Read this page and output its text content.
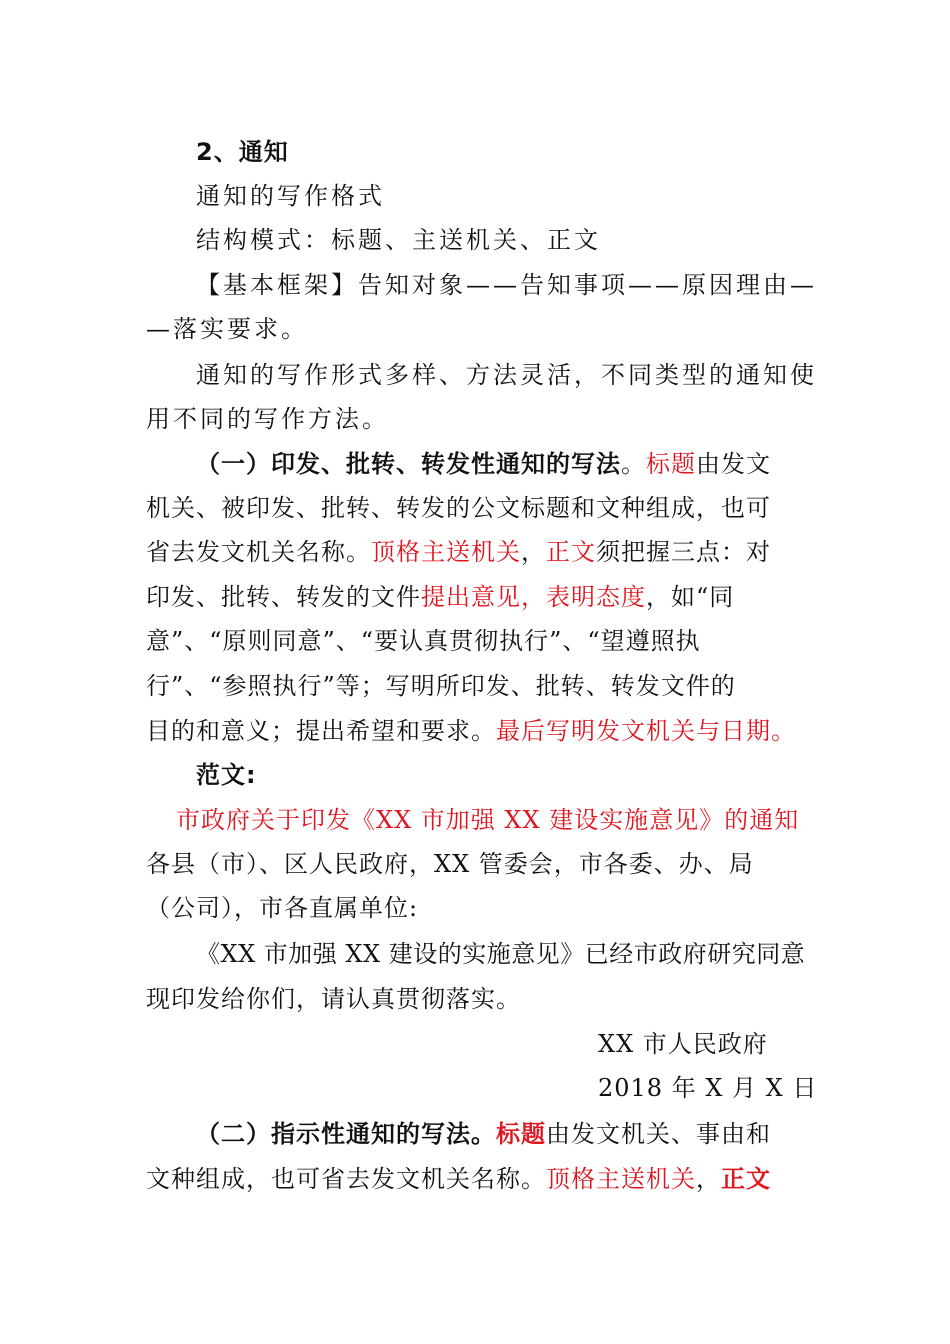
2、通知
通知的写作格式
结构模式：标题、主送机关、正文
【基本框架】告知对象——告知事项——原因理由—
—落实要求。
通知的写作形式多样、方法灵活，不同类型的通知使
用不同的写作方法。
（一）印发、批转、转发性通知的写法。标题由发文
机关、被印发、批转、转发的公文标题和文种组成，也可
省去发文机关名称。顶格主送机关，正文须把握三点：对
印发、批转、转发的文件提出意见，表明态度，如“同
意”、“原则同意”、“要认真贯彻执行”、“望遵照执
行”、“参照执行”等；写明所印发、批转、转发文件的
目的和意义；提出希望和要求。最后写明发文机关与日期。
范文:
市政府关于印发《XX 市加强 XX 建设实施意见》的通知
各县（市）、区人民政府，XX 管委会，市各委、办、局
（公司），市各直属单位:
《XX 市加强 XX 建设的实施意见》已经市政府研究同意
现印发给你们，请认真贯彻落实。
XX 市人民政府
2018 年 X 月 X 日
（二）指示性通知的写法。标题由发文机关、事由和
文种组成，也可省去发文机关名称。顶格主送机关，正文
